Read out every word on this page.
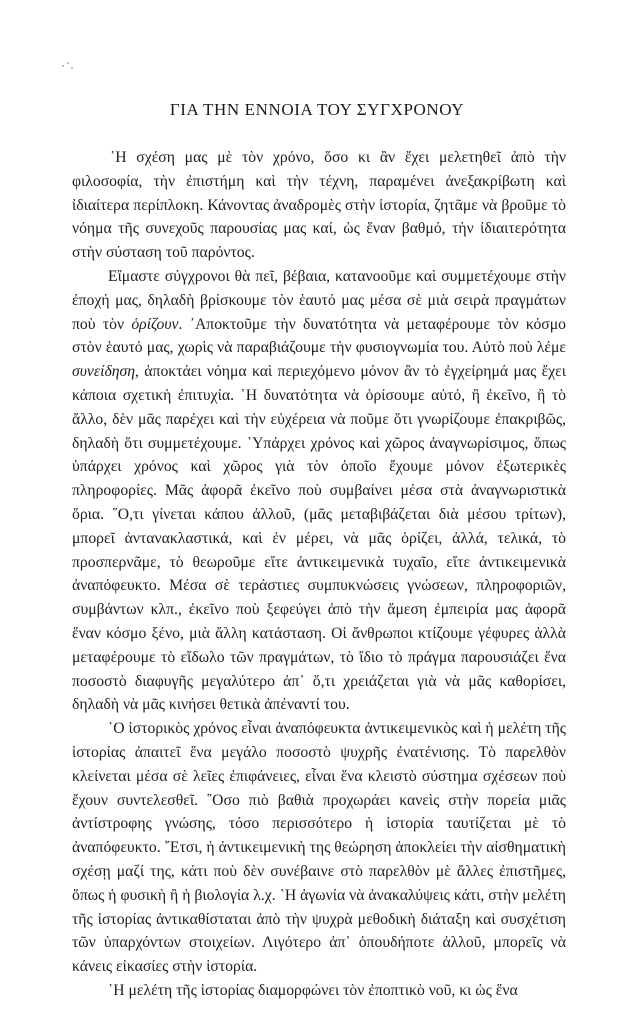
ΓΙΑ ΤΗΝ ΕΝΝΟΙΑ ΤΟΥ ΣΥΓΧΡΟΝΟΥ

῾Η σχέση μας μὲ τὸν χρόνο, ὅσο κι ἂν ἔχει μελετηθεῖ ἀπὸ τὴν φιλοσοφία, τὴν ἐπιστήμη καὶ τὴν τέχνη, παραμένει ἀνεξακρίβωτη καὶ ἰδιαίτερα περίπλοκη. Κάνοντας ἀναδρομὲς στὴν ἱστορία, ζητᾶμε νὰ βροῦμε τὸ νόημα τῆς συνεχοῦς παρουσίας μας καί, ὡς ἕναν βαθμό, τὴν ἰδιαιτερότητα στὴν σύσταση τοῦ παρόντος.

Εἴμαστε σύγχρονοι θὰ πεῖ, βέβαια, κατανοοῦμε καὶ συμμετέχουμε στὴν ἐποχή μας, δηλαδὴ βρίσκουμε τὸν ἑαυτό μας μέσα σὲ μιὰ σειρὰ πραγμάτων ποὺ τὸν ὁρίζουν. ᾿Αποκτοῦμε τὴν δυνατότητα νὰ μεταφέρουμε τὸν κόσμο στὸν ἑαυτό μας, χωρὶς νὰ παραβιάζουμε τὴν φυσιογνωμία του. Αὐτὸ ποὺ λέμε συνείδηση, ἀποκτάει νόημα καὶ περιεχόμενο μόνον ἂν τὸ ἐγχείρημά μας ἔχει κάποια σχετικὴ ἐπιτυχία. ῾Η δυνατότητα νὰ ὁρίσουμε αὐτό, ἢ ἐκεῖνο, ἢ τὸ ἄλλο, δὲν μᾶς παρέχει καὶ τὴν εὐχέρεια νὰ ποῦμε ὅτι γνωρίζουμε ἐπακριβῶς, δηλαδὴ ὅτι συμμετέχουμε. ῾Υπάρχει χρόνος καὶ χῶρος ἀναγνωρίσιμος, ὅπως ὑπάρχει χρόνος καὶ χῶρος γιὰ τὸν ὁποῖο ἔχουμε μόνον ἐξωτερικὲς πληροφορίες. Μᾶς ἀφορᾶ ἐκεῖνο ποὺ συμβαίνει μέσα στὰ ἀναγνωριστικὰ ὅρια. ῞Ο,τι γίνεται κάπου ἀλλοῦ, (μᾶς μεταβιβάζεται διὰ μέσου τρίτων), μπορεῖ ἀντανακλαστικά, καὶ ἐν μέρει, νὰ μᾶς ὁρίζει, ἀλλά, τελικά, τὸ προσπερνᾶμε, τὸ θεωροῦμε εἴτε ἀντικειμενικὰ τυχαῖο, εἴτε ἀντικειμενικὰ ἀναπόφευκτο. Μέσα σὲ τεράστιες συμπυκνώσεις γνώσεων, πληροφοριῶν, συμβάντων κλπ., ἐκεῖνο ποὺ ξεφεύγει ἀπὸ τὴν ἄμεση ἐμπειρία μας ἀφορᾶ ἕναν κόσμο ξένο, μιὰ ἄλλη κατάσταση. Οἱ ἄνθρωποι κτίζουμε γέφυρες ἀλλὰ μεταφέρουμε τὸ εἴδωλο τῶν πραγμάτων, τὸ ἴδιο τὸ πράγμα παρουσιάζει ἕνα ποσοστὸ διαφυγῆς μεγαλύτερο ἀπ᾿ ὅ,τι χρειάζεται γιὰ νὰ μᾶς καθορίσει, δηλαδὴ νὰ μᾶς κινήσει θετικὰ ἀπέναντί του.

῾Ο ἱστορικὸς χρόνος εἶναι ἀναπόφευκτα ἀντικειμενικὸς καὶ ἡ μελέτη τῆς ἱστορίας ἀπαιτεῖ ἕνα μεγάλο ποσοστὸ ψυχρῆς ἐνατένισης. Τὸ παρελθὸν κλείνεται μέσα σὲ λεῖες ἐπιφάνειες, εἶναι ἕνα κλειστὸ σύστημα σχέσεων ποὺ ἔχουν συντελεσθεῖ. ῞Οσο πιὸ βαθιὰ προχωράει κανεὶς στὴν πορεία μιᾶς ἀντίστροφης γνώσης, τόσο περισσότερο ἡ ἱστορία ταυτίζεται μὲ τὸ ἀναπόφευκτο. ῎Ετσι, ἡ ἀντικειμενικὴ της θεώρηση ἀποκλείει τὴν αἰσθηματικὴ σχέσῃ μαζί της, κάτι ποὺ δὲν συνέβαινε στὸ παρελθὸν μὲ ἄλλες ἐπιστῆμες, ὅπως ἡ φυσικὴ ἢ ἡ βιολογία λ.χ. ῾Η ἀγωνία νὰ ἀνακαλύψεις κάτι, στὴν μελέτη τῆς ἱστορίας ἀντικαθίσταται ἀπὸ τὴν ψυχρὰ μεθοδικὴ διάταξη καὶ συσχέτιση τῶν ὑπαρχόντων στοιχείων. Λιγότερο ἀπ᾿ ὁπουδήποτε ἀλλοῦ, μπορεῖς νὰ κάνεις εἰκασίες στὴν ἱστορία.

῾Η μελέτη τῆς ἱστορίας διαμορφώνει τὸν ἐποπτικὸ νοῦ, κι ὡς ἕνα
